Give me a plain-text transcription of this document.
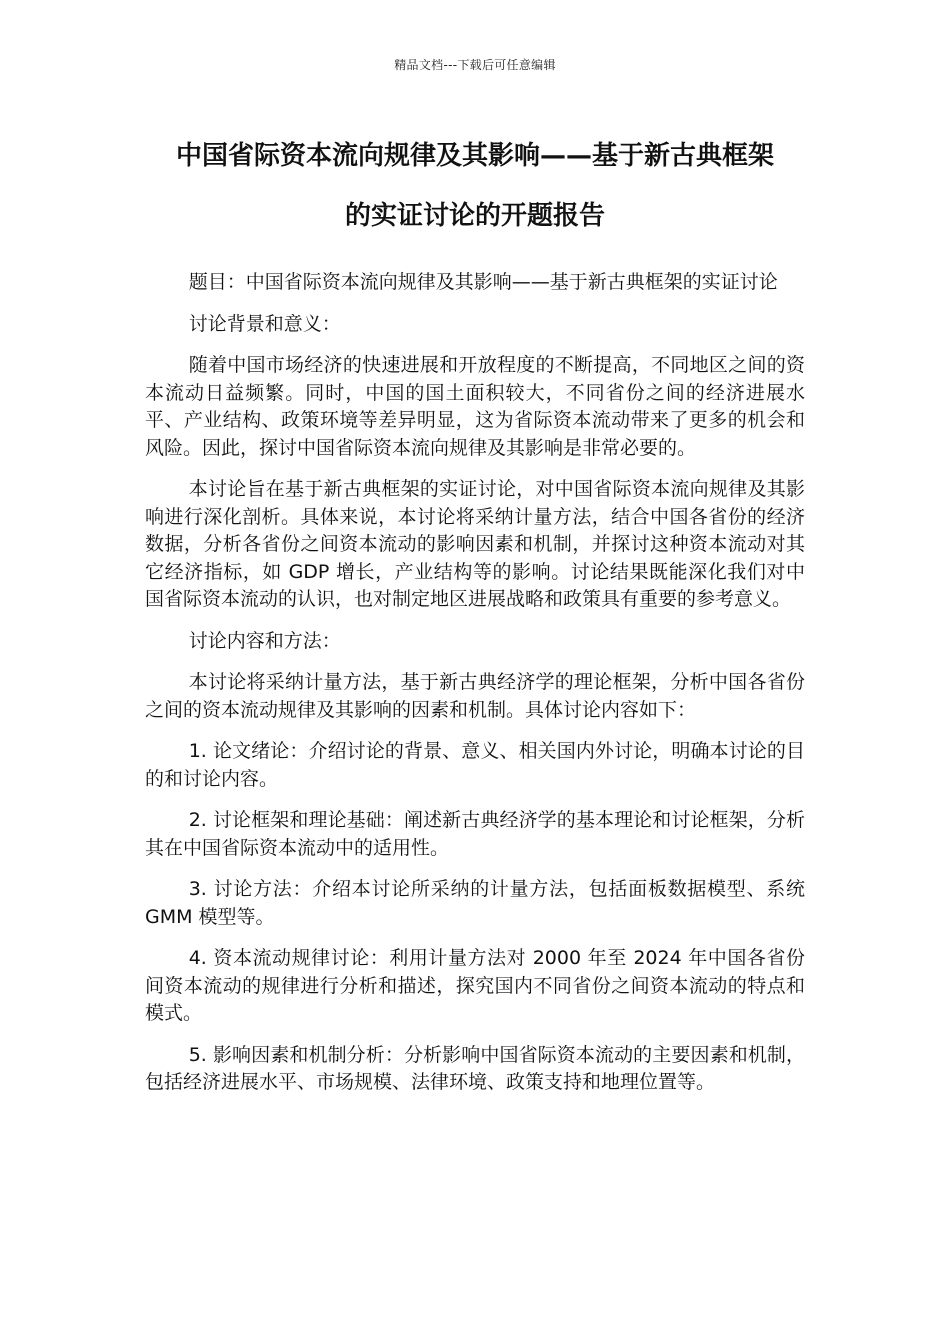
精品文档---下载后可任意编辑
中国省际资本流向规律及其影响——基于新古典框架
的实证讨论的开题报告

题目：中国省际资本流向规律及其影响——基于新古典框架的实证讨论

讨论背景和意义：

随着中国市场经济的快速进展和开放程度的不断提高，不同地区之间的资本流动日益频繁。同时，中国的国土面积较大，不同省份之间的经济进展水平、产业结构、政策环境等差异明显，这为省际资本流动带来了更多的机会和风险。因此，探讨中国省际资本流向规律及其影响是非常必要的。

本讨论旨在基于新古典框架的实证讨论，对中国省际资本流向规律及其影响进行深化剖析。具体来说，本讨论将采纳计量方法，结合中国各省份的经济数据，分析各省份之间资本流动的影响因素和机制，并探讨这种资本流动对其它经济指标，如 GDP 增长，产业结构等的影响。讨论结果既能深化我们对中国省际资本流动的认识，也对制定地区进展战略和政策具有重要的参考意义。

讨论内容和方法：

本讨论将采纳计量方法，基于新古典经济学的理论框架，分析中国各省份之间的资本流动规律及其影响的因素和机制。具体讨论内容如下：

1. 论文绪论：介绍讨论的背景、意义、相关国内外讨论，明确本讨论的目的和讨论内容。

2. 讨论框架和理论基础：阐述新古典经济学的基本理论和讨论框架，分析其在中国省际资本流动中的适用性。

3. 讨论方法：介绍本讨论所采纳的计量方法，包括面板数据模型、系统 GMM 模型等。

4. 资本流动规律讨论：利用计量方法对 2000 年至 2024 年中国各省份间资本流动的规律进行分析和描述，探究国内不同省份之间资本流动的特点和模式。

5. 影响因素和机制分析：分析影响中国省际资本流动的主要因素和机制，包括经济进展水平、市场规模、法律环境、政策支持和地理位置等。
